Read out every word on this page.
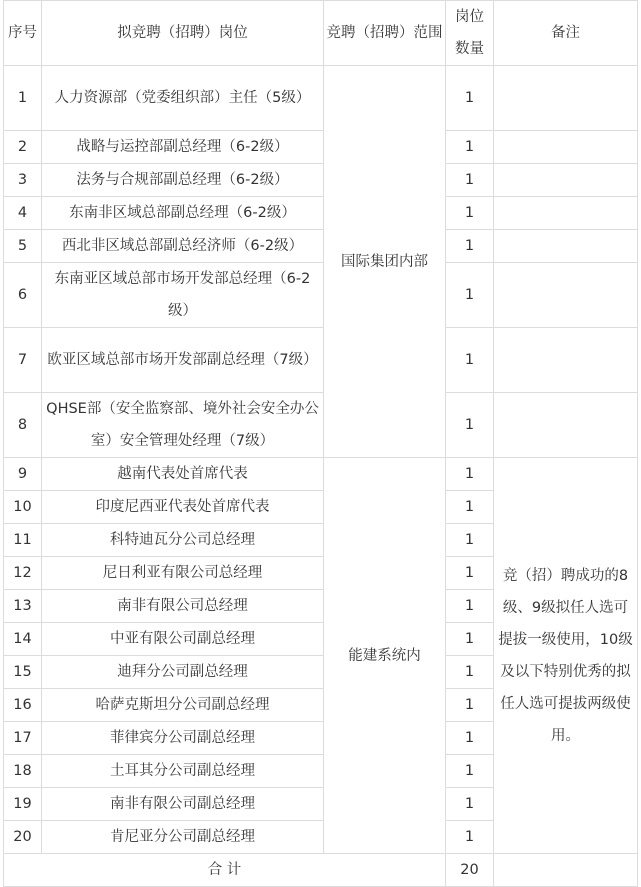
序号	拟竞聘（招聘）岗位	竞聘（招聘）范围	岗位数量	备注
1	人力资源部（党委组织部）主任（5级）	国际集团内部	1	
2	战略与运控部副总经理（6-2级）		1	
3	法务与合规部副总经理（6-2级）		1	
4	东南非区域总部副总经理（6-2级）		1	
5	西北非区域总部副总经济师（6-2级）		1	
6	东南亚区域总部市场开发部总经理（6-2级）		1	
7	欧亚区域总部市场开发部副总经理（7级）		1	
8	QHSE部（安全监察部、境外社会安全办公室）安全管理处经理（7级）		1	
9	越南代表处首席代表	能建系统内	1	竞（招）聘成功的8级、9级拟任人选可提拔一级使用，10级及以下特别优秀的拟任人选可提拔两级使用。
10	印度尼西亚代表处首席代表		1	
11	科特迪瓦分公司总经理		1	
12	尼日利亚有限公司总经理		1	
13	南非有限公司总经理		1	
14	中亚有限公司副总经理		1	
15	迪拜分公司副总经理		1	
16	哈萨克斯坦分公司副总经理		1	
17	菲律宾分公司副总经理		1	
18	土耳其分公司副总经理		1	
19	南非有限公司副总经理		1	
20	肯尼亚分公司副总经理		1	
合 计			20	
